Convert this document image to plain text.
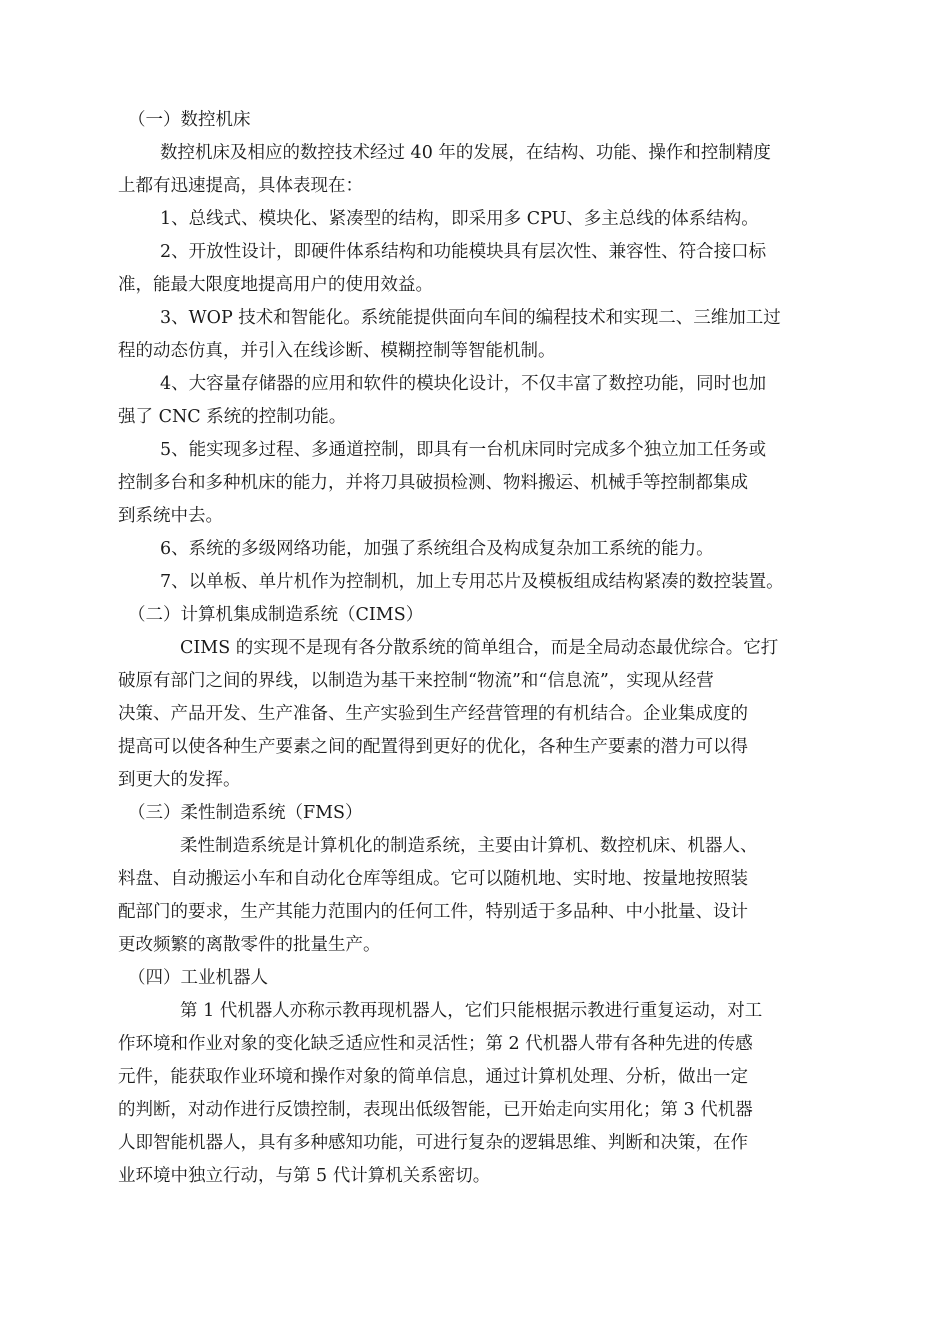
（一）数控机床
数控机床及相应的数控技术经过 40 年的发展，在结构、功能、操作和控制精度
上都有迅速提高，具体表现在：
1、总线式、模块化、紧凑型的结构，即采用多 CPU、多主总线的体系结构。
2、开放性设计，即硬件体系结构和功能模块具有层次性、兼容性、符合接口标
准，能最大限度地提高用户的使用效益。
3、WOP 技术和智能化。系统能提供面向车间的编程技术和实现二、三维加工过
程的动态仿真，并引入在线诊断、模糊控制等智能机制。
4、大容量存储器的应用和软件的模块化设计，不仅丰富了数控功能，同时也加
强了 CNC 系统的控制功能。
5、能实现多过程、多通道控制，即具有一台机床同时完成多个独立加工任务或
控制多台和多种机床的能力，并将刀具破损检测、物料搬运、机械手等控制都集成
到系统中去。
6、系统的多级网络功能，加强了系统组合及构成复杂加工系统的能力。
7、以单板、单片机作为控制机，加上专用芯片及模板组成结构紧凑的数控装置。
（二）计算机集成制造系统（CIMS）
CIMS 的实现不是现有各分散系统的简单组合，而是全局动态最优综合。它打
破原有部门之间的界线，以制造为基干来控制“物流”和“信息流”，实现从经营
决策、产品开发、生产准备、生产实验到生产经营管理的有机结合。企业集成度的
提高可以使各种生产要素之间的配置得到更好的优化，各种生产要素的潜力可以得
到更大的发挥。
（三）柔性制造系统（FMS）
柔性制造系统是计算机化的制造系统，主要由计算机、数控机床、机器人、
料盘、自动搬运小车和自动化仓库等组成。它可以随机地、实时地、按量地按照装
配部门的要求，生产其能力范围内的任何工件，特别适于多品种、中小批量、设计
更改频繁的离散零件的批量生产。
（四）工业机器人
第 1 代机器人亦称示教再现机器人，它们只能根据示教进行重复运动，对工
作环境和作业对象的变化缺乏适应性和灵活性；第 2 代机器人带有各种先进的传感
元件，能获取作业环境和操作对象的简单信息，通过计算机处理、分析，做出一定
的判断，对动作进行反馈控制，表现出低级智能，已开始走向实用化；第 3 代机器
人即智能机器人，具有多种感知功能，可进行复杂的逻辑思维、判断和决策，在作
业环境中独立行动，与第 5 代计算机关系密切。
